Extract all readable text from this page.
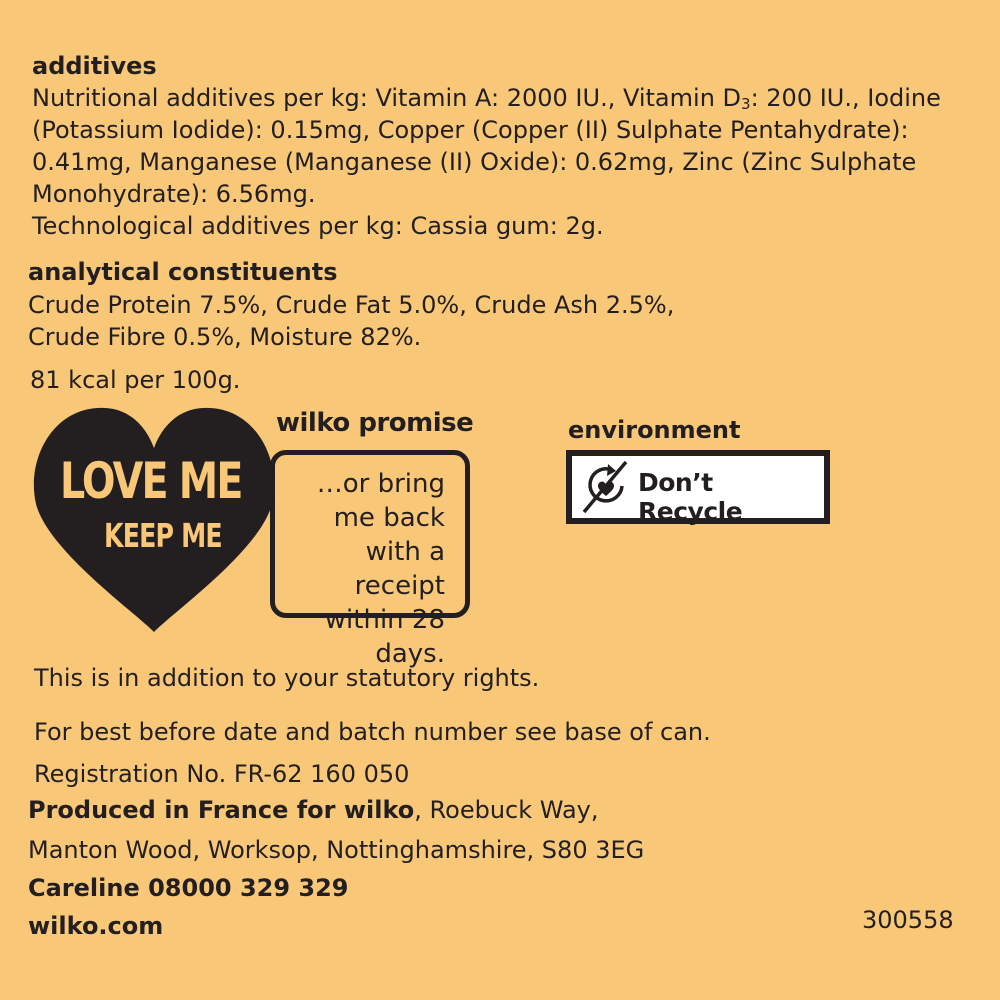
additives
Nutritional additives per kg: Vitamin A: 2000 IU., Vitamin $D_3$: 200 IU., Iodine
(Potassium Iodide): 0.15mg, Copper (Copper (II) Sulphate Pentahydrate):
0.41mg, Manganese (Manganese (II) Oxide): 0.62mg, Zinc (Zinc Sulphate
Monohydrate): 6.56mg.
Technological additives per kg: Cassia gum: 2g.
analytical constituents
Crude Protein 7.5%, Crude Fat 5.0%, Crude Ash 2.5%,
Crude Fibre 0.5%, Moisture 82%.
81 kcal per 100g.
wilko promise
…or bring
me back
with a receipt
within 28 days.
LOVE ME
KEEP ME
environment
Don’t Recycle
This is in addition to your statutory rights.
For best before date and batch number see base of can.
Registration No. FR-62 160 050
Produced in France for wilko, Roebuck Way,
Manton Wood, Worksop, Nottinghamshire, S80 3EG
Careline 08000 329 329
wilko.com	300558
